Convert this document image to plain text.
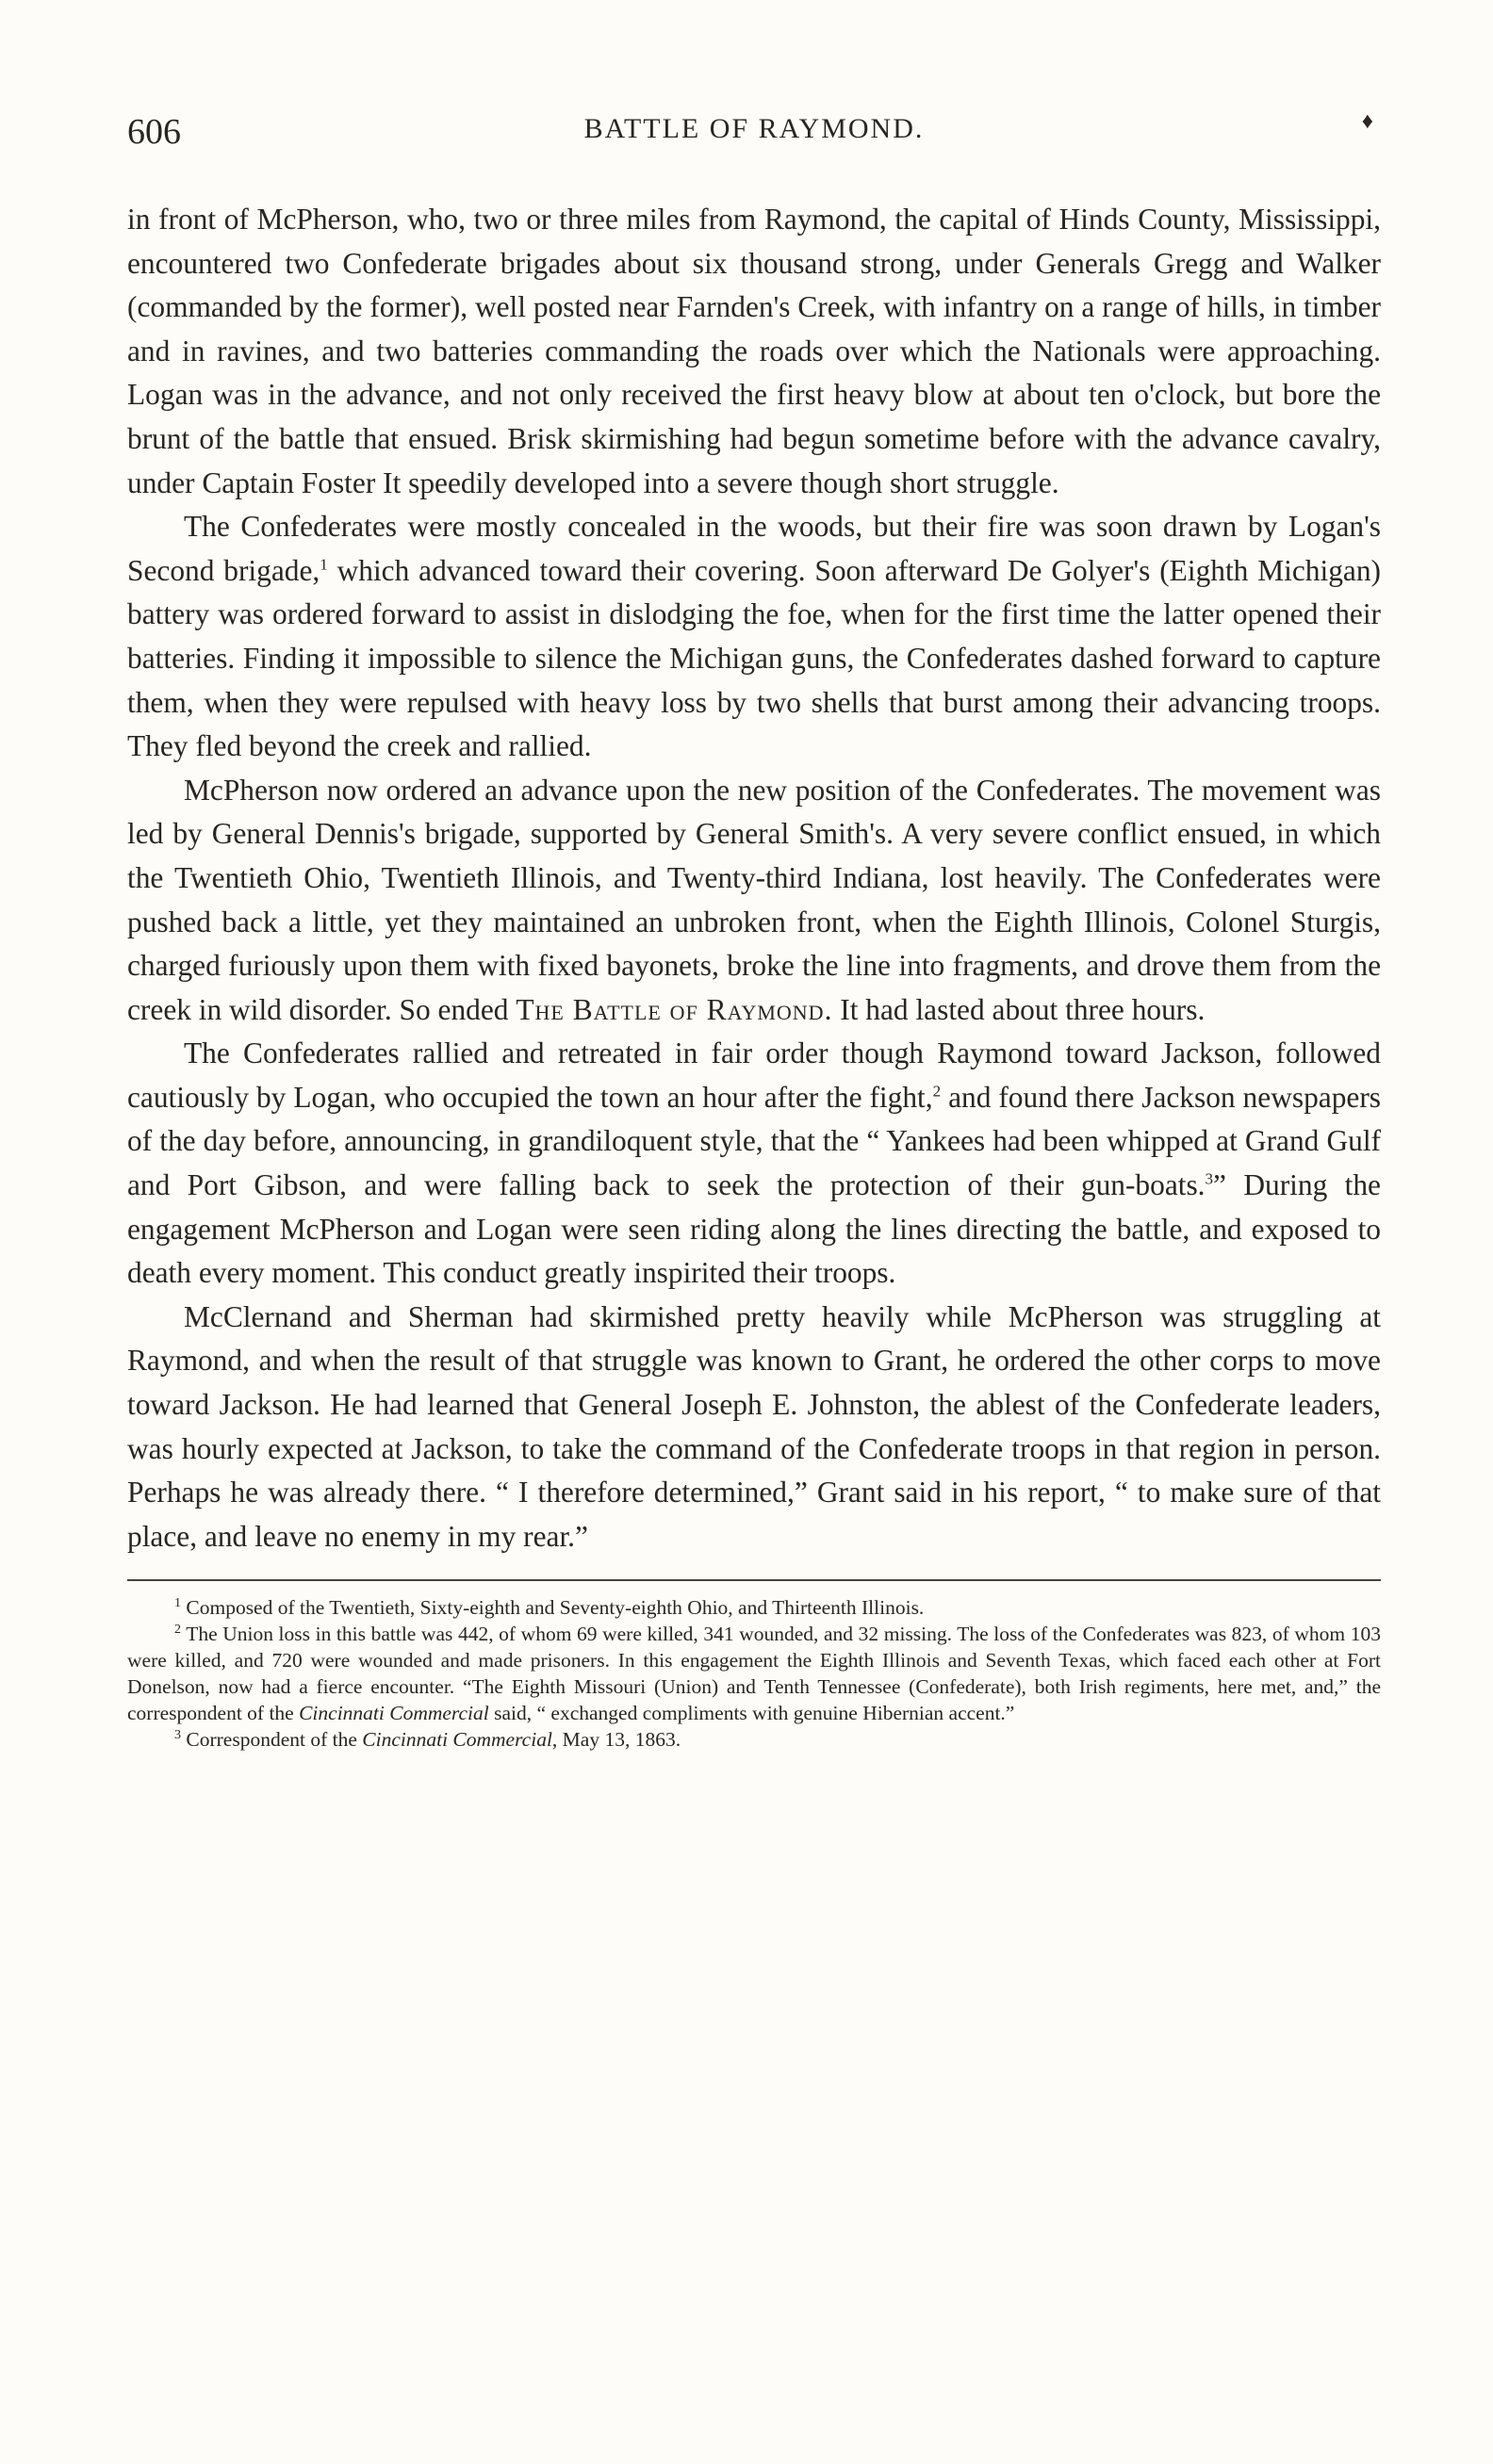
606	BATTLE OF RAYMOND.	♦

in front of McPherson, who, two or three miles from Raymond, the capital of Hinds County, Mississippi, encountered two Confederate brigades about six thousand strong, under Generals Gregg and Walker (commanded by the former), well posted near Farnden's Creek, with infantry on a range of hills, in timber and in ravines, and two batteries commanding the roads over which the Nationals were approaching. Logan was in the advance, and not only received the first heavy blow at about ten o'clock, but bore the brunt of the battle that ensued. Brisk skirmishing had begun sometime before with the advance cavalry, under Captain Foster It speedily developed into a severe though short struggle.

The Confederates were mostly concealed in the woods, but their fire was soon drawn by Logan's Second brigade,$^1$ which advanced toward their covering. Soon afterward De Golyer's (Eighth Michigan) battery was ordered forward to assist in dislodging the foe, when for the first time the latter opened their batteries. Finding it impossible to silence the Michigan guns, the Confederates dashed forward to capture them, when they were repulsed with heavy loss by two shells that burst among their advancing troops. They fled beyond the creek and rallied.

McPherson now ordered an advance upon the new position of the Confederates. The movement was led by General Dennis's brigade, supported by General Smith's. A very severe conflict ensued, in which the Twentieth Ohio, Twentieth Illinois, and Twenty-third Indiana, lost heavily. The Confederates were pushed back a little, yet they maintained an unbroken front, when the Eighth Illinois, Colonel Sturgis, charged furiously upon them with fixed bayonets, broke the line into fragments, and drove them from the creek in wild disorder. So ended The Battle of Raymond. It had lasted about three hours.

The Confederates rallied and retreated in fair order though Raymond toward Jackson, followed cautiously by Logan, who occupied the town an hour after the fight,$^2$ and found there Jackson newspapers of the day before, announcing, in grandiloquent style, that the “ Yankees had been whipped at Grand Gulf and Port Gibson, and were falling back to seek the protection of their gun-boats.$^3$” During the engagement McPherson and Logan were seen riding along the lines directing the battle, and exposed to death every moment. This conduct greatly inspirited their troops.

McClernand and Sherman had skirmished pretty heavily while McPherson was struggling at Raymond, and when the result of that struggle was known to Grant, he ordered the other corps to move toward Jackson. He had learned that General Joseph E. Johnston, the ablest of the Confederate leaders, was hourly expected at Jackson, to take the command of the Confederate troops in that region in person. Perhaps he was already there. “ I therefore determined,” Grant said in his report, “ to make sure of that place, and leave no enemy in my rear.”

$^1$ Composed of the Twentieth, Sixty-eighth and Seventy-eighth Ohio, and Thirteenth Illinois.

$^2$ The Union loss in this battle was 442, of whom 69 were killed, 341 wounded, and 32 missing. The loss of the Confederates was 823, of whom 103 were killed, and 720 were wounded and made prisoners. In this engagement the Eighth Illinois and Seventh Texas, which faced each other at Fort Donelson, now had a fierce encounter. “The Eighth Missouri (Union) and Tenth Tennessee (Confederate), both Irish regiments, here met, and,” the correspondent of the Cincinnati Commercial said, “ exchanged compliments with genuine Hibernian accent.”

$^3$ Correspondent of the Cincinnati Commercial, May 13, 1863.
